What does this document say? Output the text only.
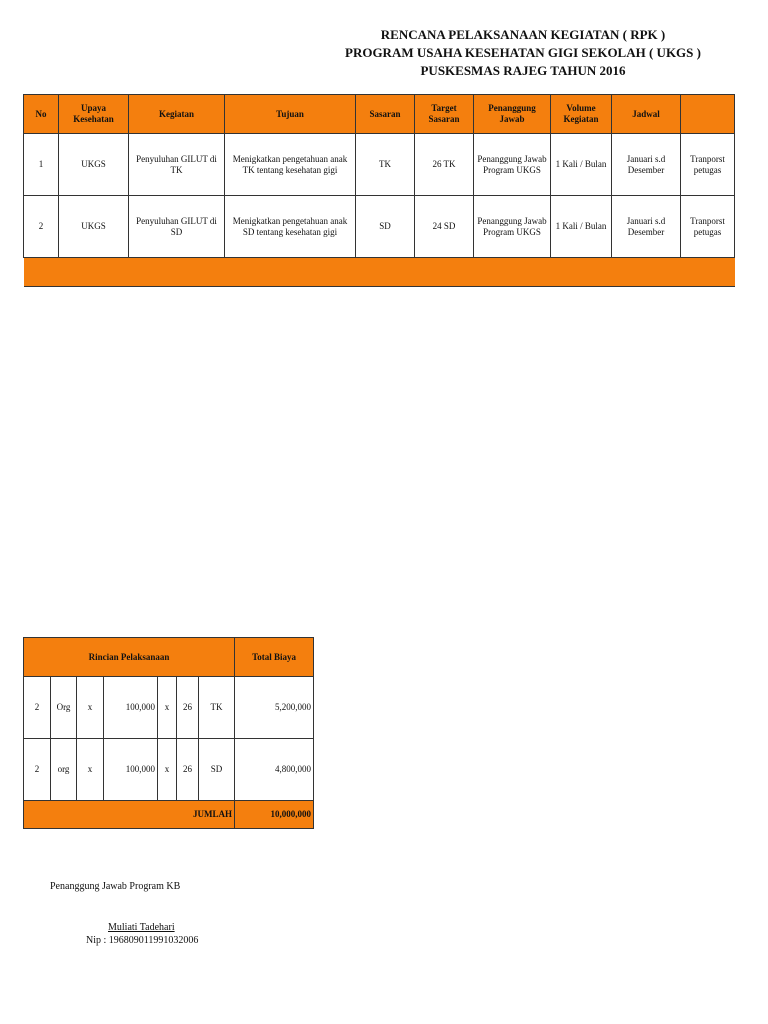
RENCANA PELAKSANAAN KEGIATAN ( RPK )
PROGRAM USAHA KESEHATAN GIGI SEKOLAH ( UKGS )
PUSKESMAS RAJEG TAHUN 2016
No	Upaya Kesehatan	Kegiatan	Tujuan	Sasaran	Target Sasaran	Penanggung Jawab	Volume Kegiatan	Jadwal	
1	UKGS	Penyuluhan GILUT di TK	Menigkatkan pengetahuan anak TK tentang kesehatan gigi	TK	26 TK	Penanggung Jawab Program UKGS	1 Kali / Bulan	Januari s.d Desember	Tranporst petugas
2	UKGS	Penyuluhan GILUT di SD	Menigkatkan pengetahuan anak SD tentang kesehatan gigi	SD	24 SD	Penanggung Jawab Program UKGS	1 Kali / Bulan	Januari s.d Desember	Tranporst petugas

Rincian Pelaksanaan							Total Biaya
2	Org	x	100,000	x	26	TK	5,200,000
2	org	x	100,000	x	26	SD	4,800,000
JUMLAH							10,000,000
Penanggung Jawab Program KB
Muliati Tadehari
Nip : 196809011991032006
